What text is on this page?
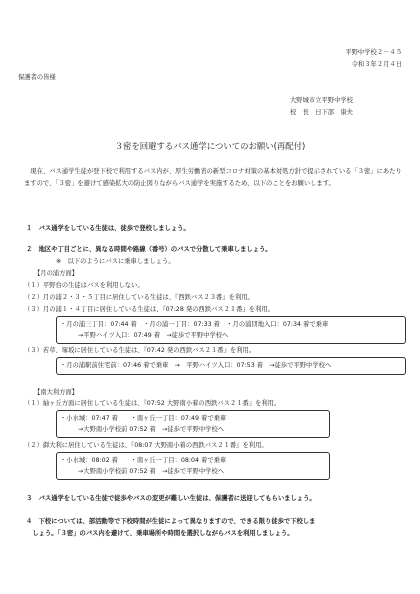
平野中学校２－４５
令和３年２月４日
保護者の皆様
大野城市立平野中学校
校　長　日下部　康夫
３密を回避するバス通学についてのお願い(再配付)
　現在、バス通学生徒が登下校で利用するバス内が、厚生労働省の新型コロナ対策の基本対処方針で提示されている「３密」にあたりますので、「３密」を避けて感染拡大の防止図りながらバス通学を実施するため、以下のことをお願いします。
１　バス通学をしている生徒は、徒歩で登校しましょう。
２　地区や丁目ごとに、異なる時間や路線（番号）のバスで分散して乗車しましょう。
※　以下のようにバスに乗車しましょう。
【月の浦方面】
（１）平野台の生徒はバスを利用しない。
（２）月の浦２・３・５丁目に居住している生徒は、『西鉄バス２３番』を利用。
（３）月の浦１・４丁目に居住している生徒は、『07:28 発の西鉄バス２１番』を利用。
・月の浦三丁目：07:44 着　・月の浦一丁目：07:33 着　・月の浦団地入口：07:34 着で乗車
→平野ハイツ入口：07:49 着　→徒歩で平野中学校へ
（３）若草、塚坂に居住している生徒は、『07:42 発の西鉄バス２１番』を利用。
・月の浦駅前住宅前：07:46 着で乗車　→　平野ハイツ入口：07:53 着　→徒歩で平野中学校へ
【南大利方面】
（１）紬ヶ丘方面に居住している生徒は、『07:52 大野南小着の西鉄バス２１番』を利用。
・小水城：07:47 着　　・南ヶ丘一丁目：07:49 着で乗車
→大野南小学校前 07:52 着　→徒歩で平野中学校へ
（２）御大利に居住している生徒は、『08:07 大野南小着の西鉄バス２１番』を利用。
・小水城：08:02 着　　・南ヶ丘一丁目：08:04 着で乗車
→大野南小学校前 07:52 着　→徒歩で平野中学校へ
３　バス通学をしている生徒で徒歩やバスの変更が難しい生徒は、保護者に送迎してもらいましょう。
４　下校については、部活動等で下校時間が生徒によって異なりますので、できる限り徒歩で下校しま
　しょう。「３密」のバス内を避けて、乗車場所や時間を選択しながらバスを利用しましょう。
